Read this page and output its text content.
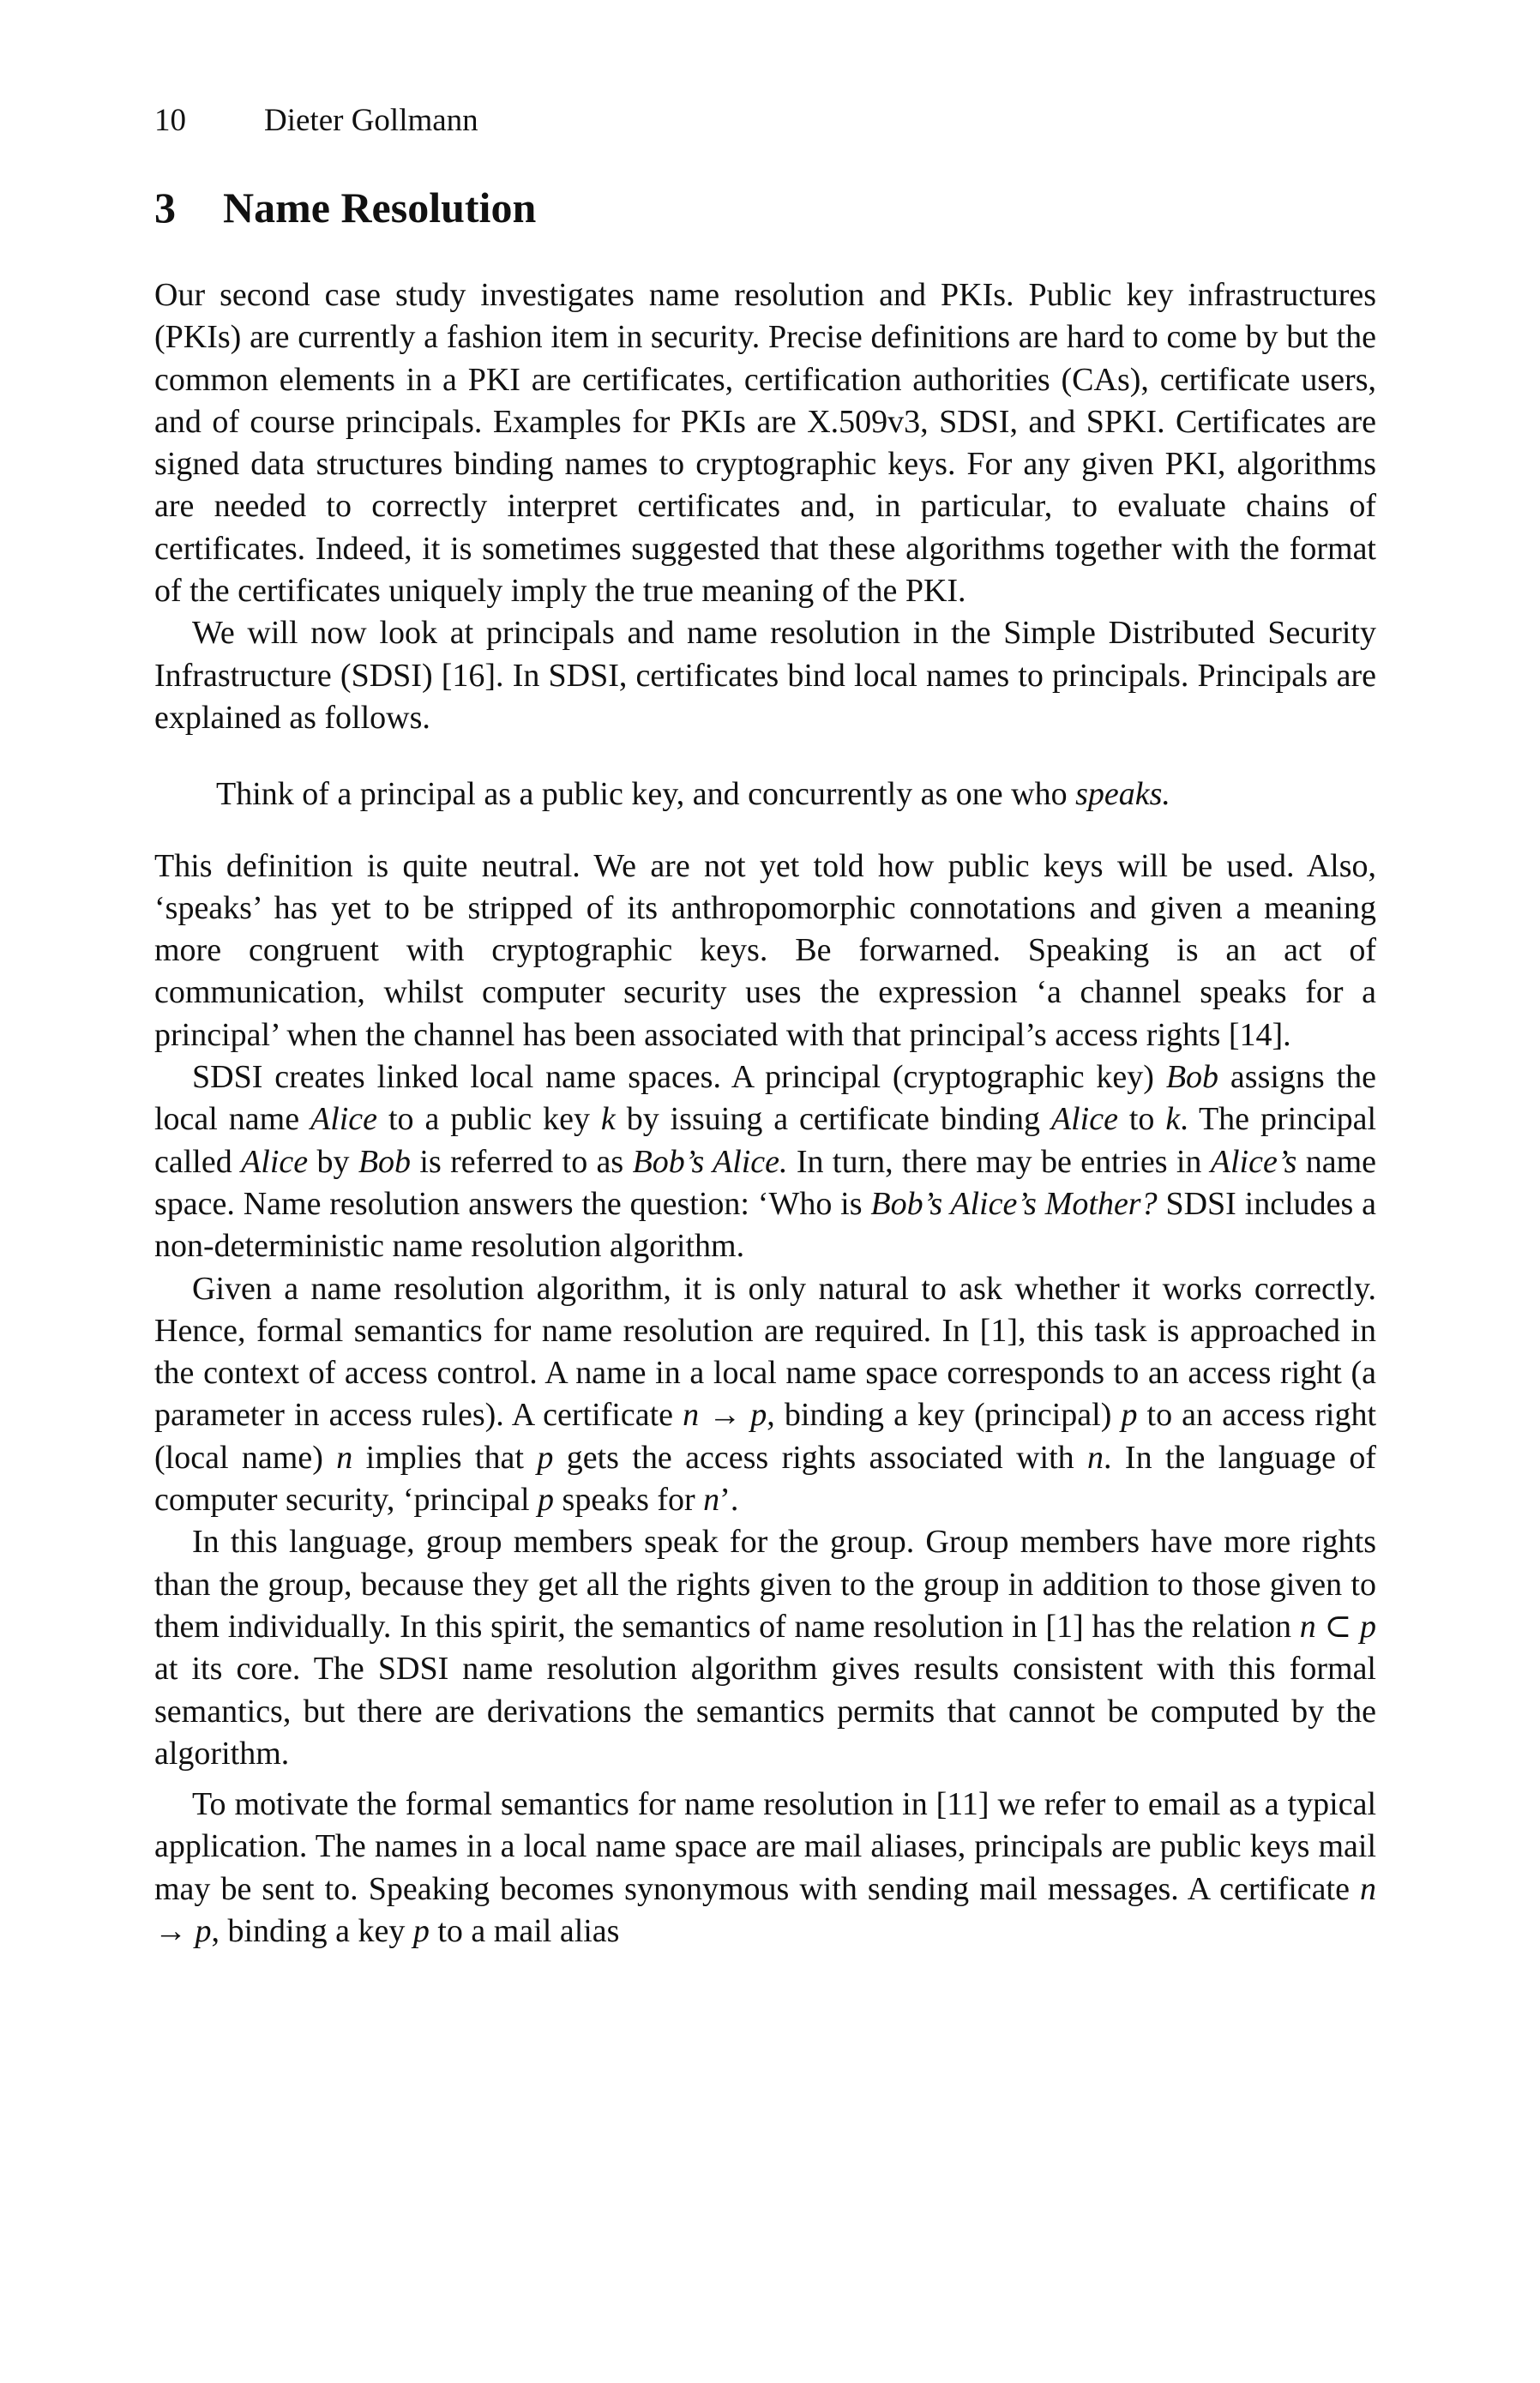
10 Dieter Gollmann
3 Name Resolution

Our second case study investigates name resolution and PKIs. Public key infrastructures (PKIs) are currently a fashion item in security. Precise definitions are hard to come by but the common elements in a PKI are certificates, certification authorities (CAs), certificate users, and of course principals. Examples for PKIs are X.509v3, SDSI, and SPKI. Certificates are signed data structures binding names to cryptographic keys. For any given PKI, algorithms are needed to correctly interpret certificates and, in particular, to evaluate chains of certificates. Indeed, it is sometimes suggested that these algorithms together with the format of the certificates uniquely imply the true meaning of the PKI.

We will now look at principals and name resolution in the Simple Distributed Security Infrastructure (SDSI) [16]. In SDSI, certificates bind local names to principals. Principals are explained as follows.

Think of a principal as a public key, and concurrently as one who speaks.

This definition is quite neutral. We are not yet told how public keys will be used. Also, ‘speaks’ has yet to be stripped of its anthropomorphic connotations and given a meaning more congruent with cryptographic keys. Be forwarned. Speaking is an act of communication, whilst computer security uses the expression ‘a channel speaks for a principal’ when the channel has been associated with that principal’s access rights [14].

SDSI creates linked local name spaces. A principal (cryptographic key) Bob assigns the local name Alice to a public key k by issuing a certificate binding Alice to k. The principal called Alice by Bob is referred to as Bob’s Alice. In turn, there may be entries in Alice’s name space. Name resolution answers the question: ‘Who is Bob’s Alice’s Mother? SDSI includes a non-deterministic name resolution algorithm.

Given a name resolution algorithm, it is only natural to ask whether it works correctly. Hence, formal semantics for name resolution are required. In [1], this task is approached in the context of access control. A name in a local name space corresponds to an access right (a parameter in access rules). A certificate n → p, binding a key (principal) p to an access right (local name) n implies that p gets the access rights associated with n. In the language of computer security, ‘principal p speaks for n’.

In this language, group members speak for the group. Group members have more rights than the group, because they get all the rights given to the group in addition to those given to them individually. In this spirit, the semantics of name resolution in [1] has the relation n ⊂ p at its core. The SDSI name resolution algorithm gives results consistent with this formal semantics, but there are derivations the semantics permits that cannot be computed by the algorithm.

To motivate the formal semantics for name resolution in [11] we refer to email as a typical application. The names in a local name space are mail aliases, principals are public keys mail may be sent to. Speaking becomes synonymous with sending mail messages. A certificate n → p, binding a key p to a mail alias
